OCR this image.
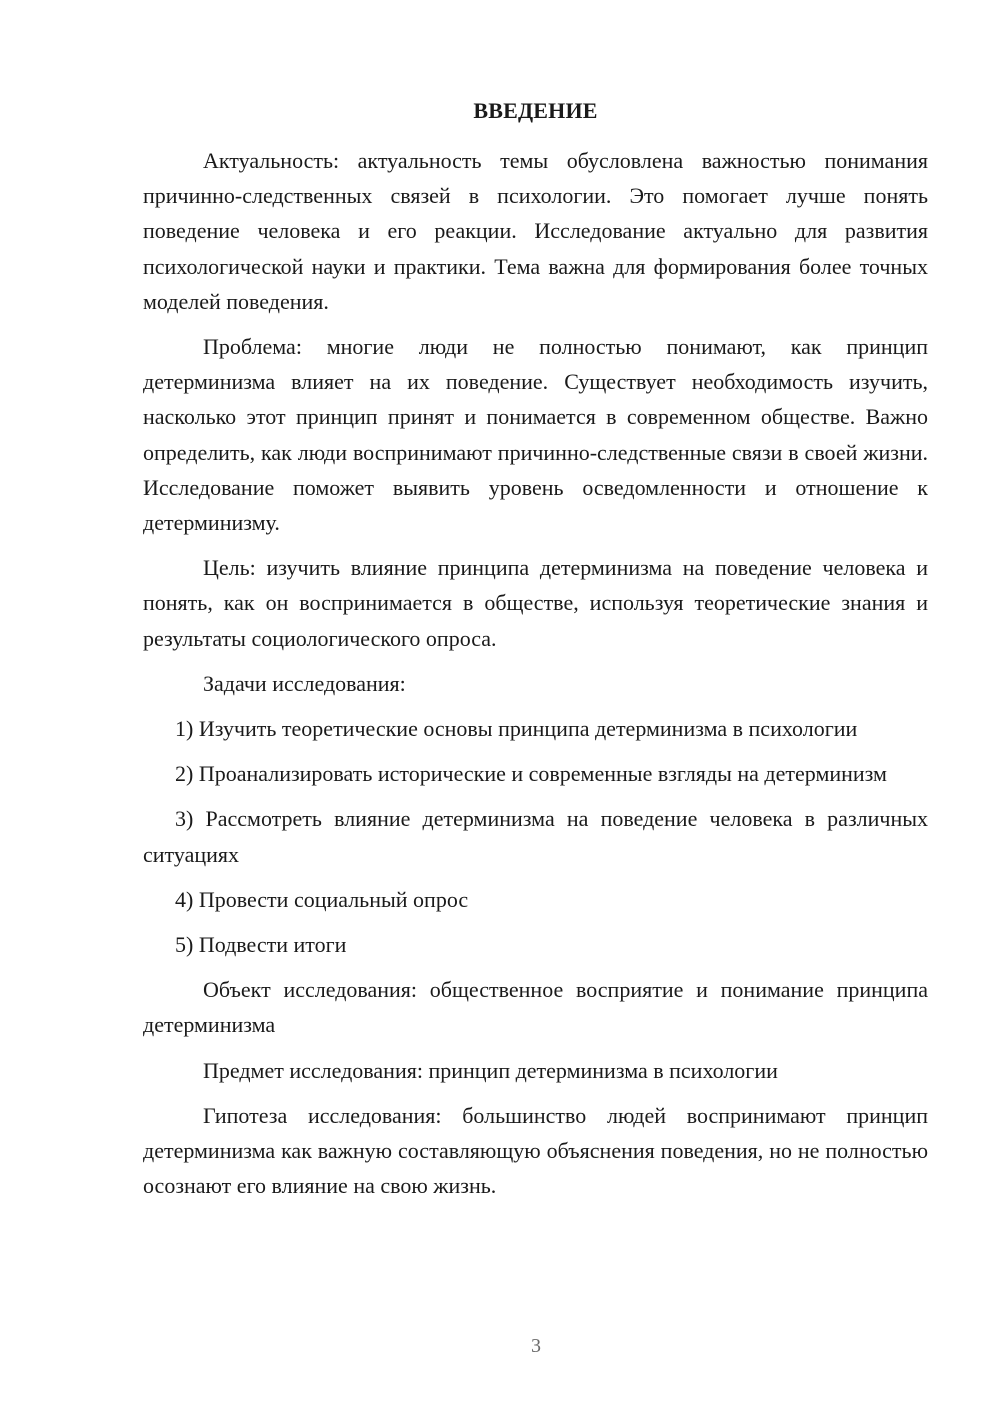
ВВЕДЕНИЕ

Актуальность: актуальность темы обусловлена важностью понимания причинно-следственных связей в психологии. Это помогает лучше понять поведение человека и его реакции. Исследование актуально для развития психологической науки и практики. Тема важна для формирования более точных моделей поведения.

Проблема: многие люди не полностью понимают, как принцип детерминизма влияет на их поведение. Существует необходимость изучить, насколько этот принцип принят и понимается в современном обществе. Важно определить, как люди воспринимают причинно-следственные связи в своей жизни. Исследование поможет выявить уровень осведомленности и отношение к детерминизму.

Цель: изучить влияние принципа детерминизма на поведение человека и понять, как он воспринимается в обществе, используя теоретические знания и результаты социологического опроса.

Задачи исследования:

1) Изучить теоретические основы принципа детерминизма в психологии

2) Проанализировать исторические и современные взгляды на детерминизм

3) Рассмотреть влияние детерминизма на поведение человека в различных ситуациях

4) Провести социальный опрос

5) Подвести итоги

Объект исследования: общественное восприятие и понимание принципа детерминизма

Предмет исследования: принцип детерминизма в психологии

Гипотеза исследования: большинство людей воспринимают принцип детерминизма как важную составляющую объяснения поведения, но не полностью осознают его влияние на свою жизнь.

3
